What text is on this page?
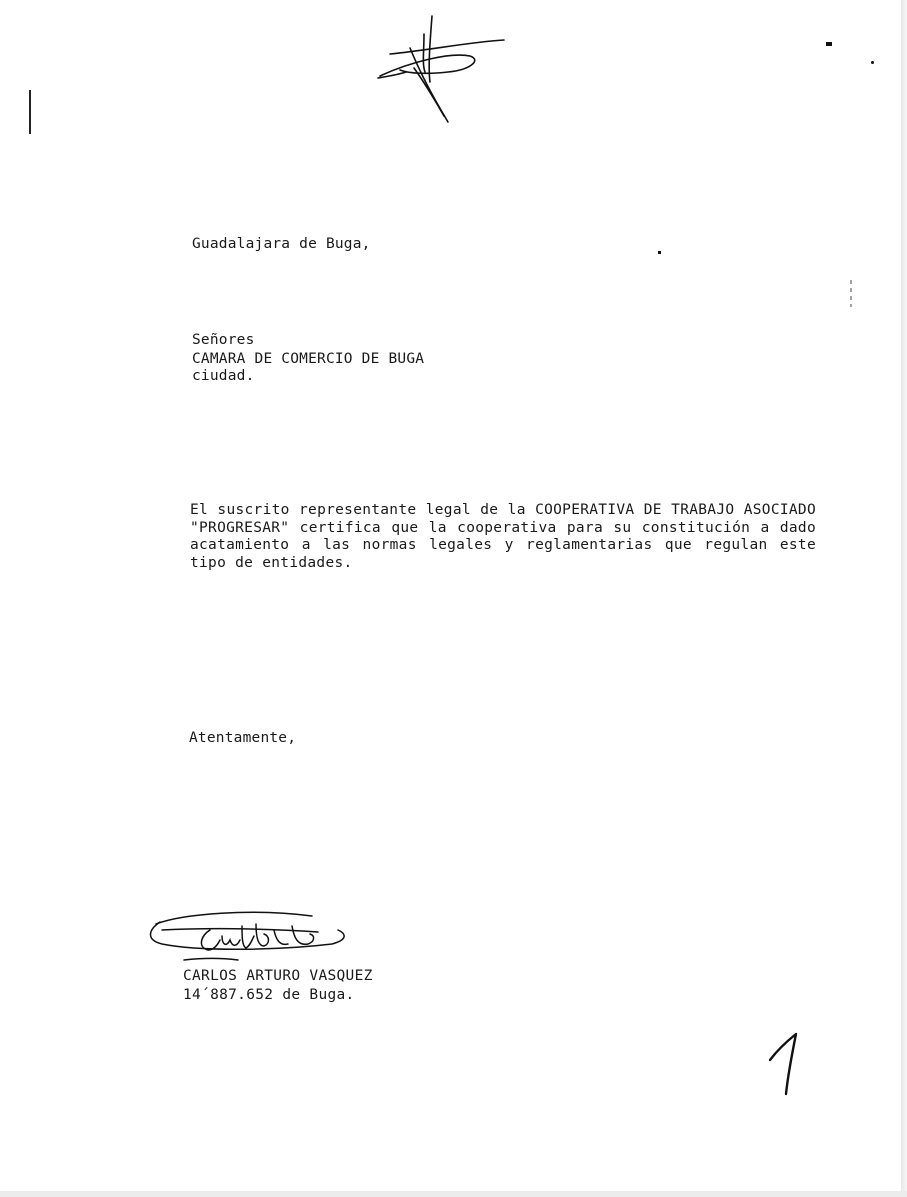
Guadalajara de Buga,
Señores
CAMARA DE COMERCIO DE BUGA
ciudad.
El suscrito representante legal de la COOPERATIVA DE TRABAJO ASOCIADO "PROGRESAR" certifica que la cooperativa para su constitución a dado acatamiento a las normas legales y reglamentarias que regulan este tipo de entidades.
Atentamente,
CARLOS ARTURO VASQUEZ
14´887.652 de Buga.
